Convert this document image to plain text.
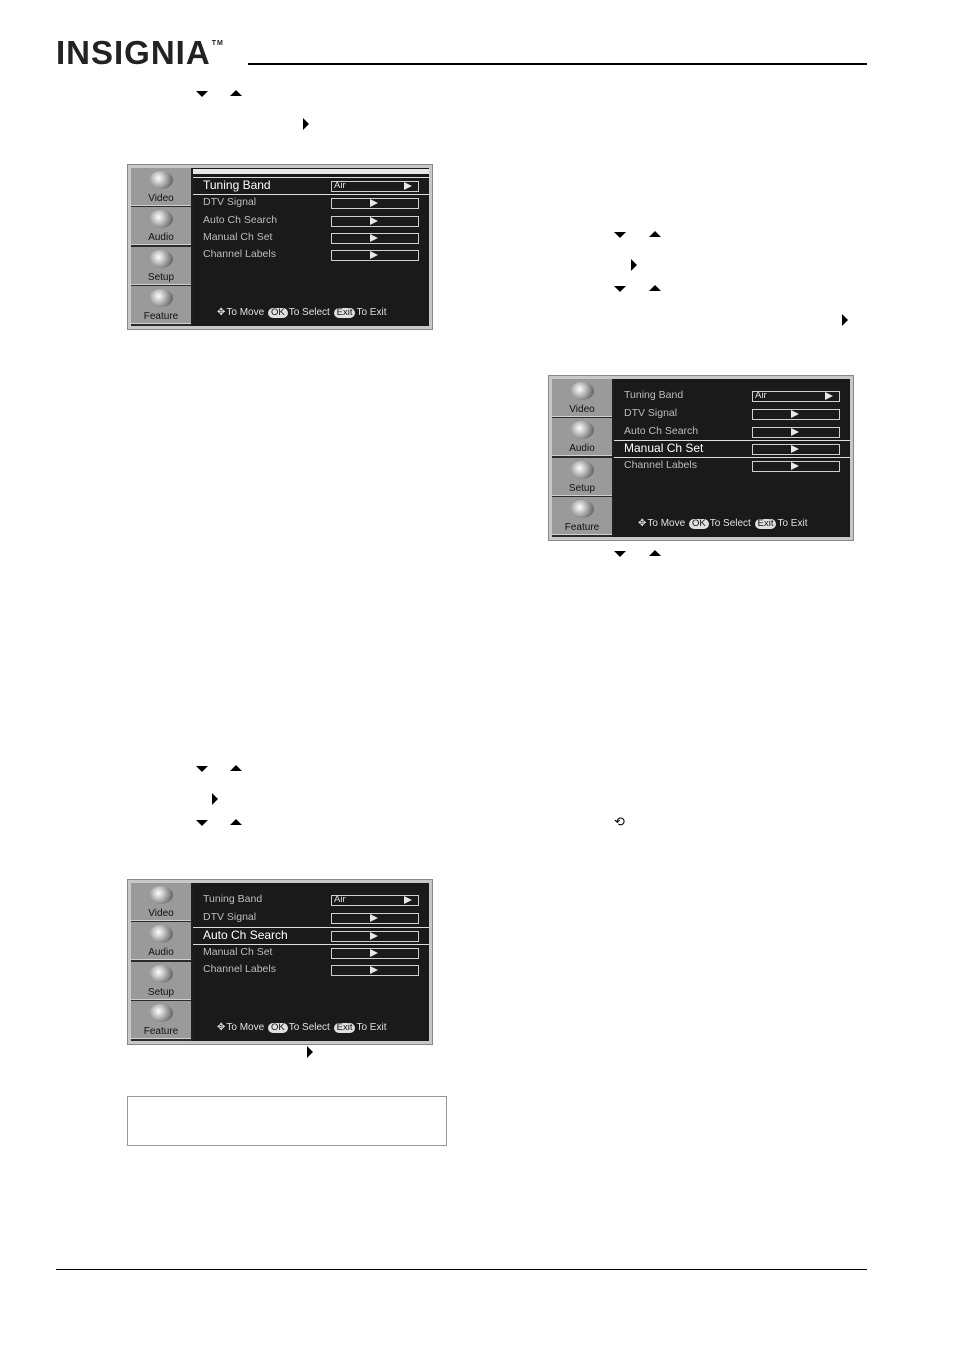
INSIGNIA™
Video
Audio
Setup
Feature
Tuning Band	Air
DTV Signal
Auto Ch Search
Manual Ch Set
Channel Labels
✥To Move OK To Select Exit To Exit
Video
Audio
Setup
Feature
Tuning Band	Air
DTV Signal
Auto Ch Search
Manual Ch Set
Channel Labels
✥To Move OK To Select Exit To Exit
⟲
Video
Audio
Setup
Feature
Tuning Band	Air
DTV Signal
Auto Ch Search
Manual Ch Set
Channel Labels
✥To Move OK To Select Exit To Exit
